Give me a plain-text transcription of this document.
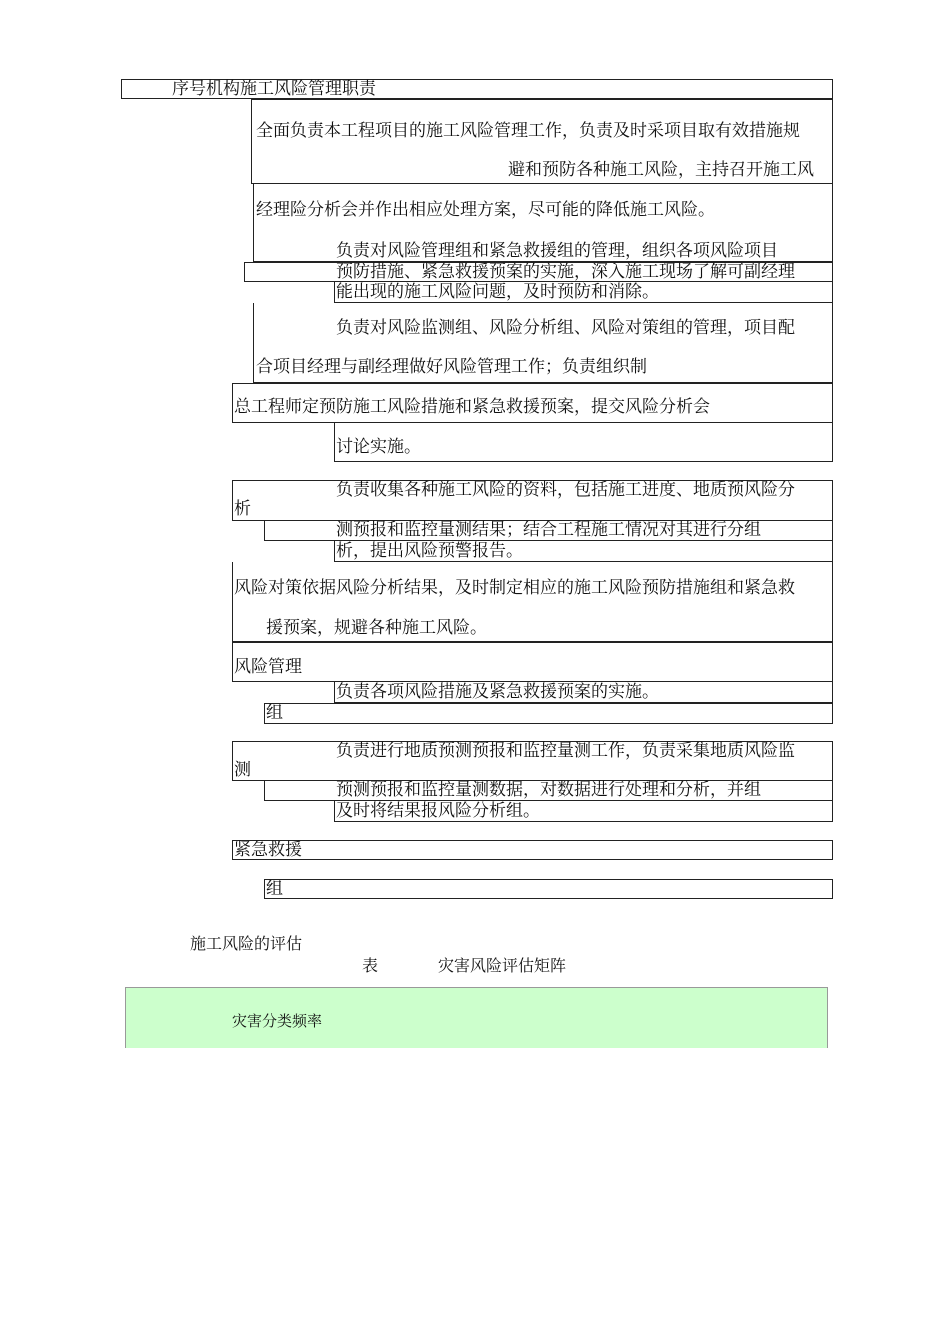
序号机构施工风险管理职责
全面负责本工程项目的施工风险管理工作，负责及时采项目取有效措施规
避和预防各种施工风险，主持召开施工风
经理险分析会并作出相应处理方案，尽可能的降低施工风险。
负责对风险管理组和紧急救援组的管理，组织各项风险项目
预防措施、紧急救援预案的实施，深入施工现场了解可副经理
能出现的施工风险问题，及时预防和消除。
负责对风险监测组、风险分析组、风险对策组的管理，项目配
合项目经理与副经理做好风险管理工作；负责组织制
总工程师定预防施工风险措施和紧急救援预案，提交风险分析会
讨论实施。
负责收集各种施工风险的资料，包括施工进度、地质预风险分
析
测预报和监控量测结果；结合工程施工情况对其进行分组
析，提出风险预警报告。
风险对策依据风险分析结果，及时制定相应的施工风险预防措施组和紧急救
援预案，规避各种施工风险。
风险管理
负责各项风险措施及紧急救援预案的实施。
组
负责进行地质预测预报和监控量测工作，负责采集地质风险监
测
预测预报和监控量测数据，对数据进行处理和分析，并组
及时将结果报风险分析组。
紧急救援
组
施工风险的评估
表	灾害风险评估矩阵
灾害分类频率
